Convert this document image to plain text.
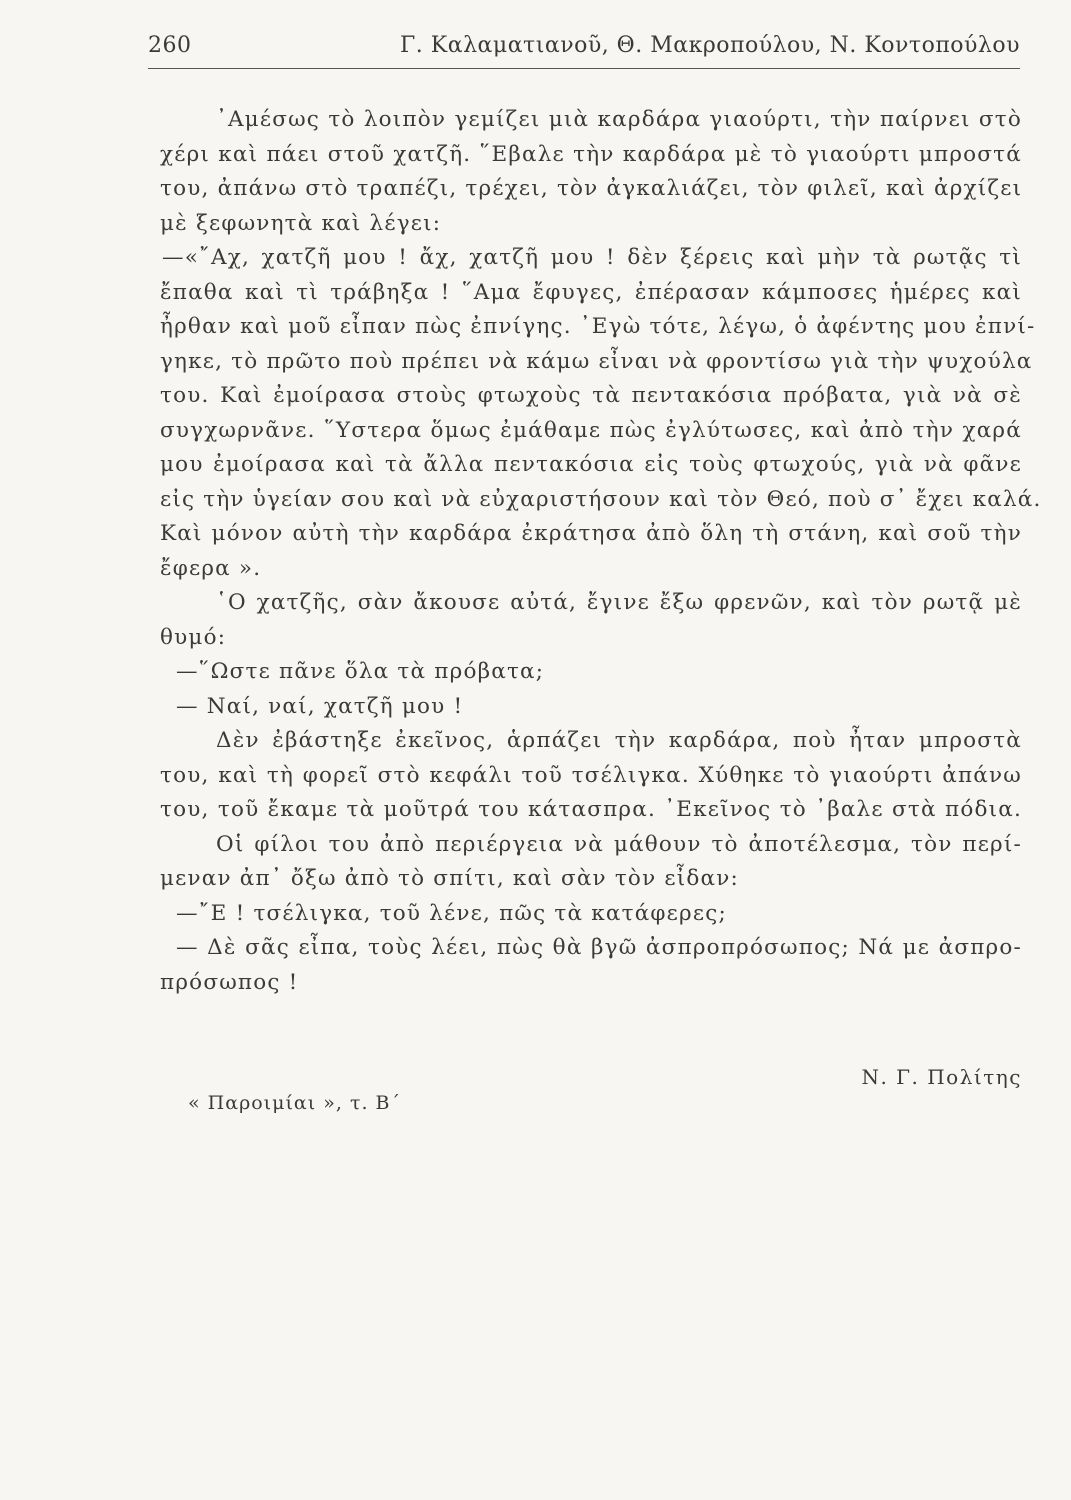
260	Γ. Καλαματιανοῦ, Θ. Μακροπούλου, Ν. Κοντοπούλου
᾽Αμέσως τὸ λοιπὸν γεμίζει μιὰ καρδάρα γιαούρτι, τὴν παίρνει στὸ
χέρι καὶ πάει στοῦ χατζῆ. ῞Εβαλε τὴν καρδάρα μὲ τὸ γιαούρτι μπροστά
του, ἀπάνω στὸ τραπέζι, τρέχει, τὸν ἀγκαλιάζει, τὸν φιλεῖ, καὶ ἀρχίζει
μὲ ξεφωνητὰ καὶ λέγει:
—«῎Αχ, χατζῆ μου ! ἄχ, χατζῆ μου ! δὲν ξέρεις καὶ μὴν τὰ ρωτᾷς τὶ
ἔπαθα καὶ τὶ τράβηξα ! ῞Αμα ἔφυγες, ἐπέρασαν κάμποσες ἡμέρες καὶ
ἦρθαν καὶ μοῦ εἶπαν πὼς ἐπνίγης. ᾽Εγὼ τότε, λέγω, ὁ ἀφέντης μου ἐπνί-
γηκε, τὸ πρῶτο ποὺ πρέπει νὰ κάμω εἶναι νὰ φροντίσω γιὰ τὴν ψυχούλα
του. Καὶ ἐμοίρασα στοὺς φτωχοὺς τὰ πεντακόσια πρόβατα, γιὰ νὰ σὲ
συγχωρνᾶνε. ῞Υστερα ὅμως ἐμάθαμε πὼς ἐγλύτωσες, καὶ ἀπὸ τὴν χαρά
μου ἐμοίρασα καὶ τὰ ἄλλα πεντακόσια εἰς τοὺς φτωχούς, γιὰ νὰ φᾶνε
εἰς τὴν ὑγείαν σου καὶ νὰ εὐχαριστήσουν καὶ τὸν Θεό, ποὺ σ᾽ ἔχει καλά.
Καὶ μόνον αὐτὴ τὴν καρδάρα ἐκράτησα ἀπὸ ὅλη τὴ στάνη, καὶ σοῦ τὴν
ἔφερα ».
῾Ο χατζῆς, σὰν ἄκουσε αὐτά, ἔγινε ἔξω φρενῶν, καὶ τὸν ρωτᾷ μὲ
θυμό:
—῞Ωστε πᾶνε ὅλα τὰ πρόβατα;
— Ναί, ναί, χατζῆ μου !
Δὲν ἐβάστηξε ἐκεῖνος, ἁρπάζει τὴν καρδάρα, ποὺ ἦταν μπροστὰ
του, καὶ τὴ φορεῖ στὸ κεφάλι τοῦ τσέλιγκα. Χύθηκε τὸ γιαούρτι ἀπάνω
του, τοῦ ἔκαμε τὰ μοῦτρά του κάτασπρα. ᾽Εκεῖνος τὸ ᾽βαλε στὰ πόδια.
Οἱ φίλοι του ἀπὸ περιέργεια νὰ μάθουν τὸ ἀποτέλεσμα, τὸν περί-
μεναν ἀπ᾽ ὄξω ἀπὸ τὸ σπίτι, καὶ σὰν τὸν εἶδαν:
—῎Ε ! τσέλιγκα, τοῦ λένε, πῶς τὰ κατάφερες;
— Δὲ σᾶς εἶπα, τοὺς λέει, πὼς θὰ βγῶ ἀσπροπρόσωπος; Νά με ἀσπρο-
πρόσωπος !
Ν. Γ. Πολίτης
« Παροιμίαι », τ. Β΄
